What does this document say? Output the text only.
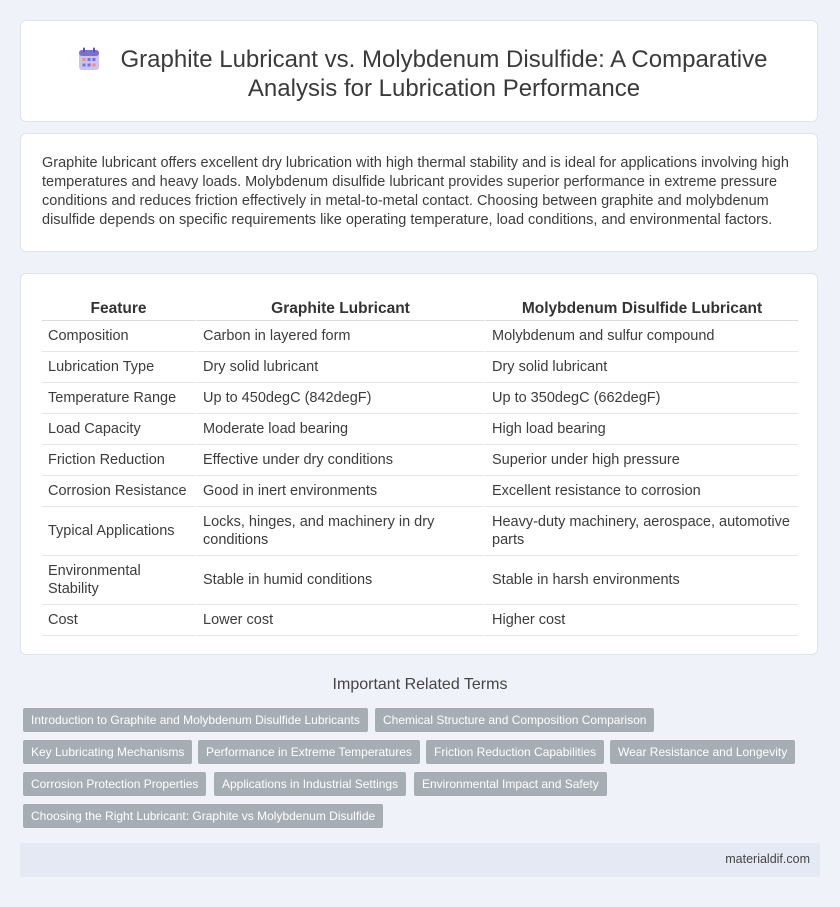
Graphite Lubricant vs. Molybdenum Disulfide: A Comparative Analysis for Lubrication Performance

Graphite lubricant offers excellent dry lubrication with high thermal stability and is ideal for applications involving high temperatures and heavy loads. Molybdenum disulfide lubricant provides superior performance in extreme pressure conditions and reduces friction effectively in metal-to-metal contact. Choosing between graphite and molybdenum disulfide depends on specific requirements like operating temperature, load conditions, and environmental factors.

Feature	Graphite Lubricant	Molybdenum Disulfide Lubricant
Composition	Carbon in layered form	Molybdenum and sulfur compound
Lubrication Type	Dry solid lubricant	Dry solid lubricant
Temperature Range	Up to 450degC (842degF)	Up to 350degC (662degF)
Load Capacity	Moderate load bearing	High load bearing
Friction Reduction	Effective under dry conditions	Superior under high pressure
Corrosion Resistance	Good in inert environments	Excellent resistance to corrosion
Typical Applications	Locks, hinges, and machinery in dry conditions	Heavy-duty machinery, aerospace, automotive parts
Environmental Stability	Stable in humid conditions	Stable in harsh environments
Cost	Lower cost	Higher cost
Important Related Terms
Introduction to Graphite and Molybdenum Disulfide Lubricants	Chemical Structure and Composition Comparison
Key Lubricating Mechanisms	Performance in Extreme Temperatures	Friction Reduction Capabilities	Wear Resistance and Longevity
Corrosion Protection Properties	Applications in Industrial Settings	Environmental Impact and Safety
Choosing the Right Lubricant: Graphite vs Molybdenum Disulfide
materialdif.com
